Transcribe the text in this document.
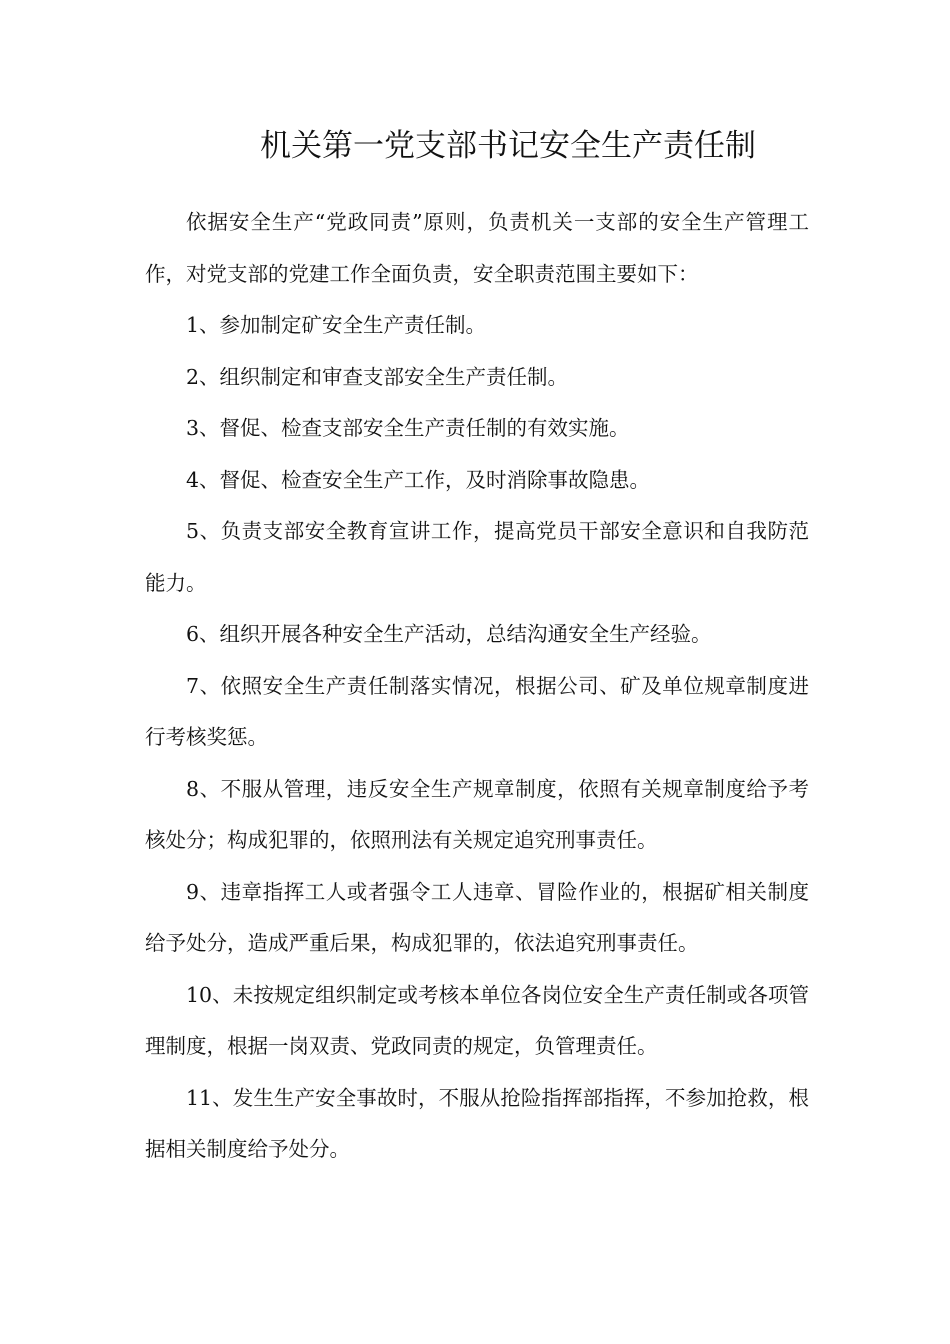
机关第一党支部书记安全生产责任制

依据安全生产“党政同责”原则，负责机关一支部的安全生产管理工作，对党支部的党建工作全面负责，安全职责范围主要如下：

1、参加制定矿安全生产责任制。

2、组织制定和审查支部安全生产责任制。

3、督促、检查支部安全生产责任制的有效实施。

4、督促、检查安全生产工作，及时消除事故隐患。

5、负责支部安全教育宣讲工作，提高党员干部安全意识和自我防范能力。

6、组织开展各种安全生产活动，总结沟通安全生产经验。

7、依照安全生产责任制落实情况，根据公司、矿及单位规章制度进行考核奖惩。

8、不服从管理，违反安全生产规章制度，依照有关规章制度给予考核处分；构成犯罪的，依照刑法有关规定追究刑事责任。

9、违章指挥工人或者强令工人违章、冒险作业的，根据矿相关制度给予处分，造成严重后果，构成犯罪的，依法追究刑事责任。

10、未按规定组织制定或考核本单位各岗位安全生产责任制或各项管理制度，根据一岗双责、党政同责的规定，负管理责任。

11、发生生产安全事故时，不服从抢险指挥部指挥，不参加抢救，根据相关制度给予处分。
